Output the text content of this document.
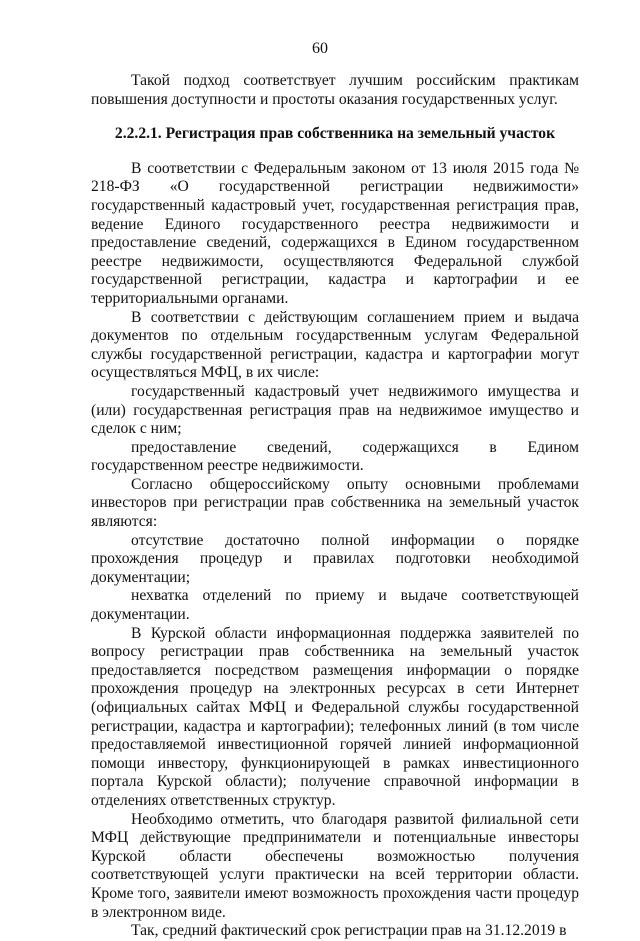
60

Такой подход соответствует лучшим российским практикам повышения доступности и простоты оказания государственных услуг.

2.2.2.1. Регистрация прав собственника на земельный участок

В соответствии с Федеральным законом от 13 июля 2015 года № 218-ФЗ «О государственной регистрации недвижимости» государственный кадастровый учет, государственная регистрация прав, ведение Единого государственного реестра недвижимости и предоставление сведений, содержащихся в Едином государственном реестре недвижимости, осуществляются Федеральной службой государственной регистрации, кадастра и картографии и ее территориальными органами.

В соответствии с действующим соглашением прием и выдача документов по отдельным государственным услугам Федеральной службы государственной регистрации, кадастра и картографии могут осуществляться МФЦ, в их числе:

государственный кадастровый учет недвижимого имущества и (или) государственная регистрация прав на недвижимое имущество и сделок с ним;

предоставление сведений, содержащихся в Едином государственном реестре недвижимости.

Согласно общероссийскому опыту основными проблемами инвесторов при регистрации прав собственника на земельный участок являются:

отсутствие достаточно полной информации о порядке прохождения процедур и правилах подготовки необходимой документации;

нехватка отделений по приему и выдаче соответствующей документации.

В Курской области информационная поддержка заявителей по вопросу регистрации прав собственника на земельный участок предоставляется посредством размещения информации о порядке прохождения процедур на электронных ресурсах в сети Интернет (официальных сайтах МФЦ и Федеральной службы государственной регистрации, кадастра и картографии); телефонных линий (в том числе предоставляемой инвестиционной горячей линией информационной помощи инвестору, функционирующей в рамках инвестиционного портала Курской области); получение справочной информации в отделениях ответственных структур.

Необходимо отметить, что благодаря развитой филиальной сети МФЦ действующие предприниматели и потенциальные инвесторы Курской области обеспечены возможностью получения соответствующей услуги практически на всей территории области. Кроме того, заявители имеют возможность прохождения части процедур в электронном виде.

Так, средний фактический срок регистрации прав на 31.12.2019 в
